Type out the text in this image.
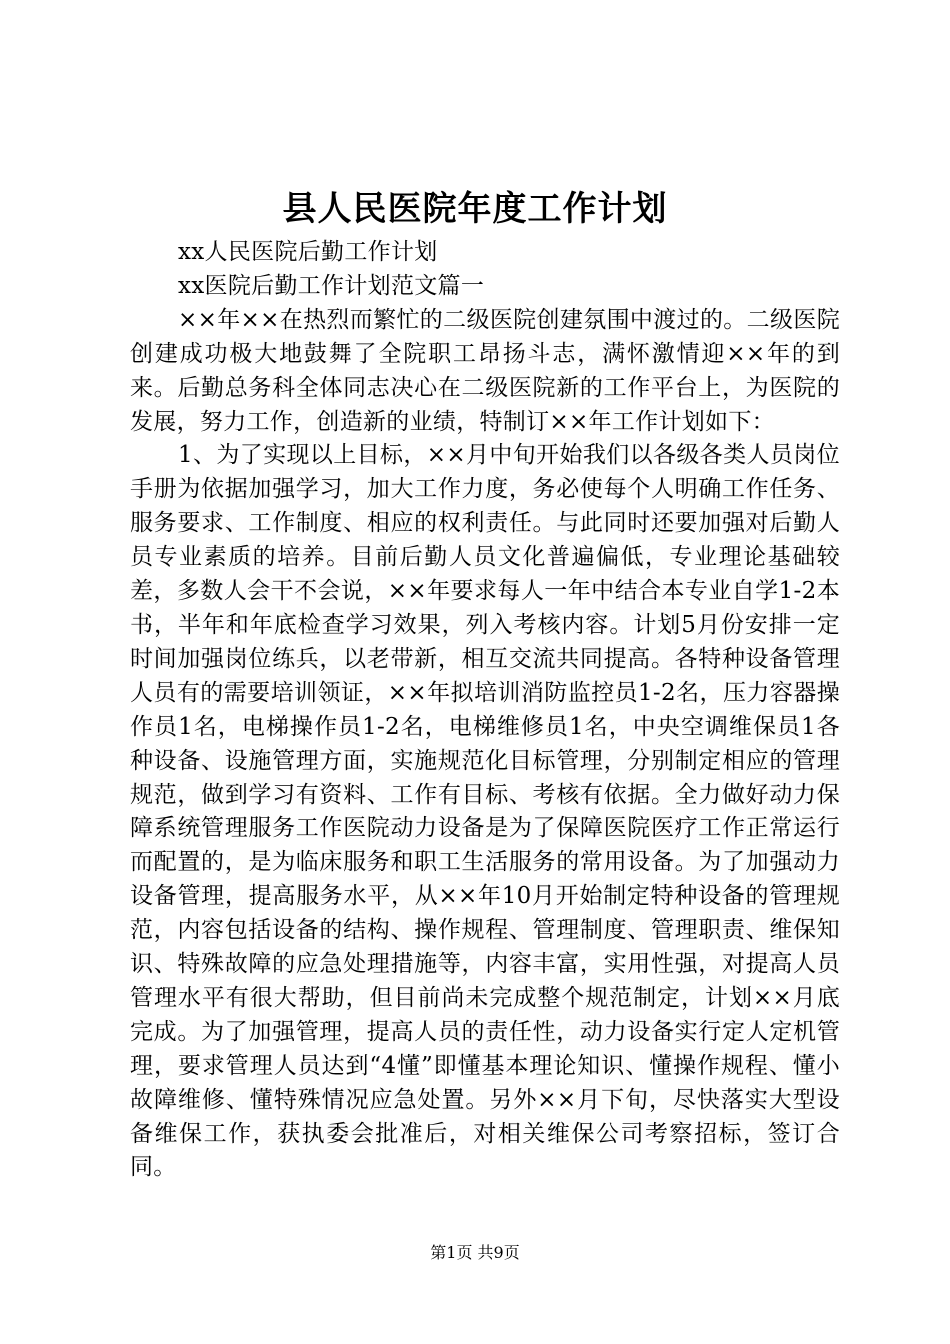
县人民医院年度工作计划

xx人民医院后勤工作计划

xx医院后勤工作计划范文篇一

××年××在热烈而繁忙的二级医院创建氛围中渡过的。二级医院创建成功极大地鼓舞了全院职工昂扬斗志，满怀激情迎××年的到来。后勤总务科全体同志决心在二级医院新的工作平台上，为医院的发展，努力工作，创造新的业绩，特制订××年工作计划如下：

1、为了实现以上目标，××月中旬开始我们以各级各类人员岗位手册为依据加强学习，加大工作力度，务必使每个人明确工作任务、服务要求、工作制度、相应的权利责任。与此同时还要加强对后勤人员专业素质的培养。目前后勤人员文化普遍偏低，专业理论基础较差，多数人会干不会说，××年要求每人一年中结合本专业自学1-2本书，半年和年底检查学习效果，列入考核内容。计划5月份安排一定时间加强岗位练兵，以老带新，相互交流共同提高。各特种设备管理人员有的需要培训领证，××年拟培训消防监控员1-2名，压力容器操作员1名，电梯操作员1-2名，电梯维修员1名，中央空调维保员1各种设备、设施管理方面，实施规范化目标管理，分别制定相应的管理规范，做到学习有资料、工作有目标、考核有依据。全力做好动力保障系统管理服务工作医院动力设备是为了保障医院医疗工作正常运行而配置的，是为临床服务和职工生活服务的常用设备。为了加强动力设备管理，提高服务水平，从××年10月开始制定特种设备的管理规范，内容包括设备的结构、操作规程、管理制度、管理职责、维保知识、特殊故障的应急处理措施等，内容丰富，实用性强，对提高人员管理水平有很大帮助，但目前尚未完成整个规范制定，计划××月底完成。为了加强管理，提高人员的责任性，动力设备实行定人定机管理，要求管理人员达到“4懂”即懂基本理论知识、懂操作规程、懂小故障维修、懂特殊情况应急处置。另外××月下旬，尽快落实大型设备维保工作，获执委会批准后，对相关维保公司考察招标，签订合同。

第1页 共9页
